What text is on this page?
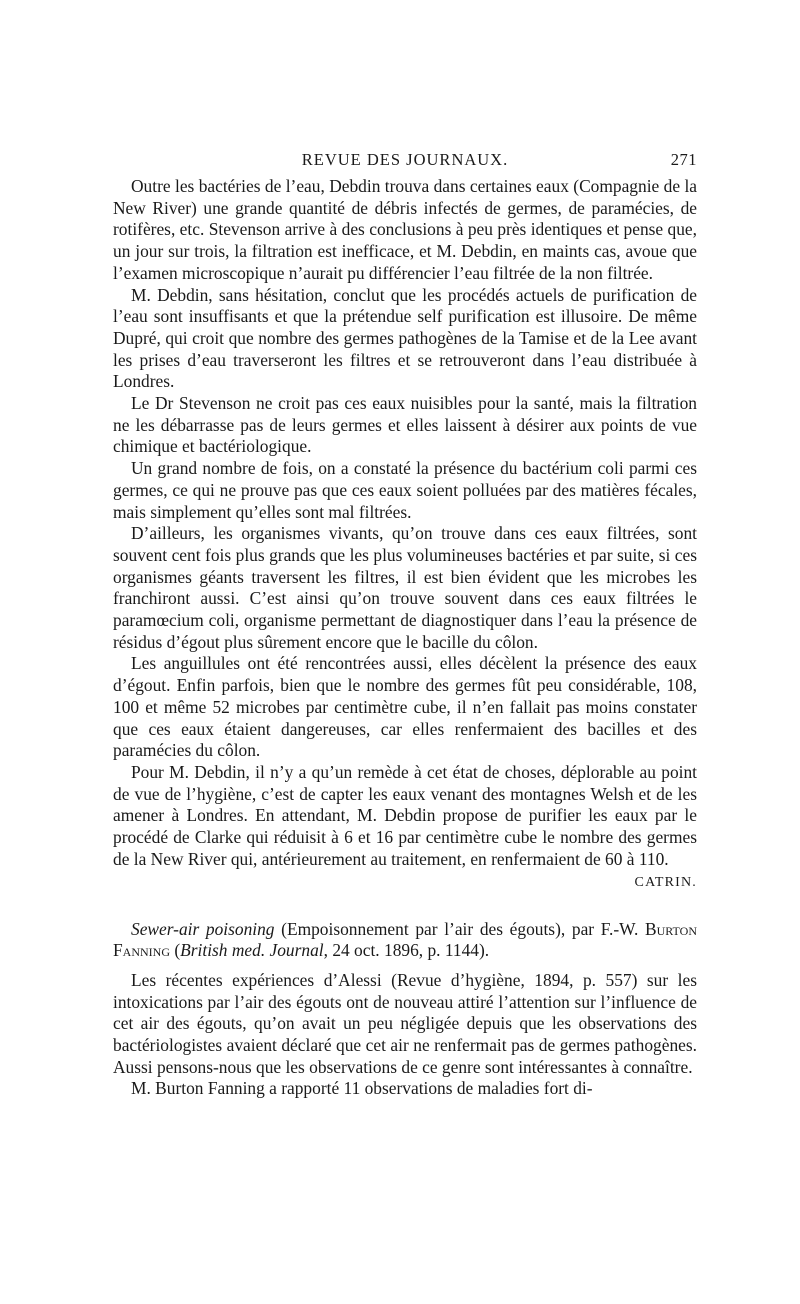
REVUE DES JOURNAUX.	271

Outre les bactéries de l’eau, Debdin trouva dans certaines eaux (Compagnie de la New River) une grande quantité de débris infectés de germes, de paramécies, de rotifères, etc. Stevenson arrive à des conclusions à peu près identiques et pense que, un jour sur trois, la filtration est inefficace, et M. Debdin, en maints cas, avoue que l’examen microscopique n’aurait pu différencier l’eau filtrée de la non filtrée.

M. Debdin, sans hésitation, conclut que les procédés actuels de purification de l’eau sont insuffisants et que la prétendue self purification est illusoire. De même Dupré, qui croit que nombre des germes pathogènes de la Tamise et de la Lee avant les prises d’eau traverseront les filtres et se retrouveront dans l’eau distribuée à Londres.

Le Dr Stevenson ne croit pas ces eaux nuisibles pour la santé, mais la filtration ne les débarrasse pas de leurs germes et elles laissent à désirer aux points de vue chimique et bactériologique.

Un grand nombre de fois, on a constaté la présence du bactérium coli parmi ces germes, ce qui ne prouve pas que ces eaux soient polluées par des matières fécales, mais simplement qu’elles sont mal filtrées.

D’ailleurs, les organismes vivants, qu’on trouve dans ces eaux filtrées, sont souvent cent fois plus grands que les plus volumineuses bactéries et par suite, si ces organismes géants traversent les filtres, il est bien évident que les microbes les franchiront aussi. C’est ainsi qu’on trouve souvent dans ces eaux filtrées le paramœcium coli, organisme permettant de diagnostiquer dans l’eau la présence de résidus d’égout plus sûrement encore que le bacille du côlon.

Les anguillules ont été rencontrées aussi, elles décèlent la présence des eaux d’égout. Enfin parfois, bien que le nombre des germes fût peu considérable, 108, 100 et même 52 microbes par centimètre cube, il n’en fallait pas moins constater que ces eaux étaient dangereuses, car elles renfermaient des bacilles et des paramécies du côlon.

Pour M. Debdin, il n’y a qu’un remède à cet état de choses, déplorable au point de vue de l’hygiène, c’est de capter les eaux venant des montagnes Welsh et de les amener à Londres. En attendant, M. Debdin propose de purifier les eaux par le procédé de Clarke qui réduisit à 6 et 16 par centimètre cube le nombre des germes de la New River qui, antérieurement au traitement, en renfermaient de 60 à 110.

CATRIN.

Sewer-air poisoning (Empoisonnement par l’air des égouts), par F.-W. Burton Fanning (British med. Journal, 24 oct. 1896, p. 1144).

Les récentes expériences d’Alessi (Revue d’hygiène, 1894, p. 557) sur les intoxications par l’air des égouts ont de nouveau attiré l’attention sur l’influence de cet air des égouts, qu’on avait un peu négligée depuis que les observations des bactériologistes avaient déclaré que cet air ne renfermait pas de germes pathogènes. Aussi pensons-nous que les observations de ce genre sont intéressantes à connaître.

M. Burton Fanning a rapporté 11 observations de maladies fort di-
